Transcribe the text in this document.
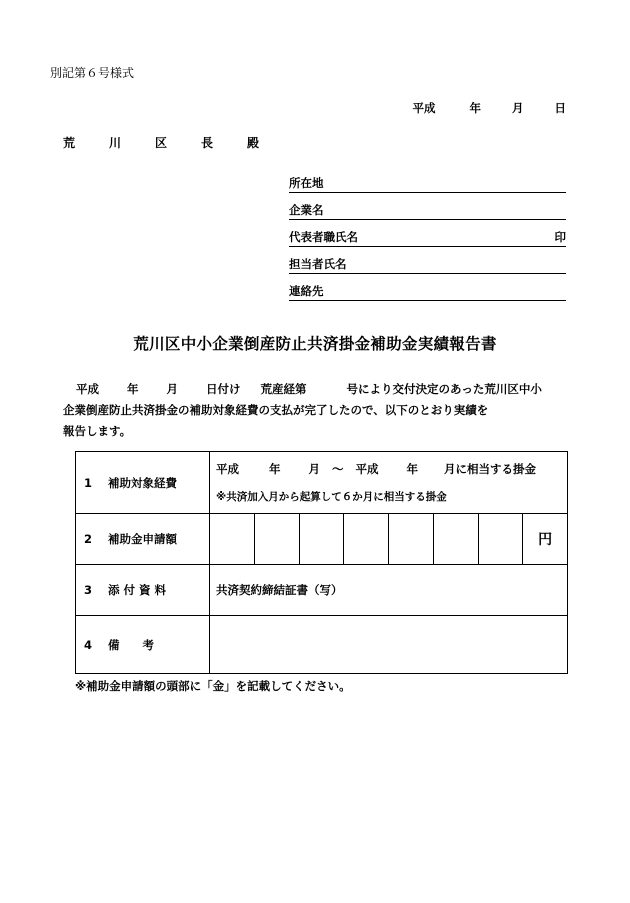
別記第６号様式
平成	年	月	日
荒　川　区　長　殿
所在地
企業名
代表者職氏名	印
担当者氏名
連絡先
荒川区中小企業倒産防止共済掛金補助金実績報告書
平成 年 月 日付け 荒産経第	号により交付決定のあった荒川区中小
企業倒産防止共済掛金の補助対象経費の支払が完了したので、以下のとおり実績を
報告します。
1 補助対象経費	平成 年 月 ～ 平成 年 月に相当する掛金
※共済加入月から起算して６か月に相当する掛金

2 補助金申請額	円

3 添 付 資 料	共済契約締結証書（写）
4 備　　考	
※補助金申請額の頭部に「金」を記載してください。
